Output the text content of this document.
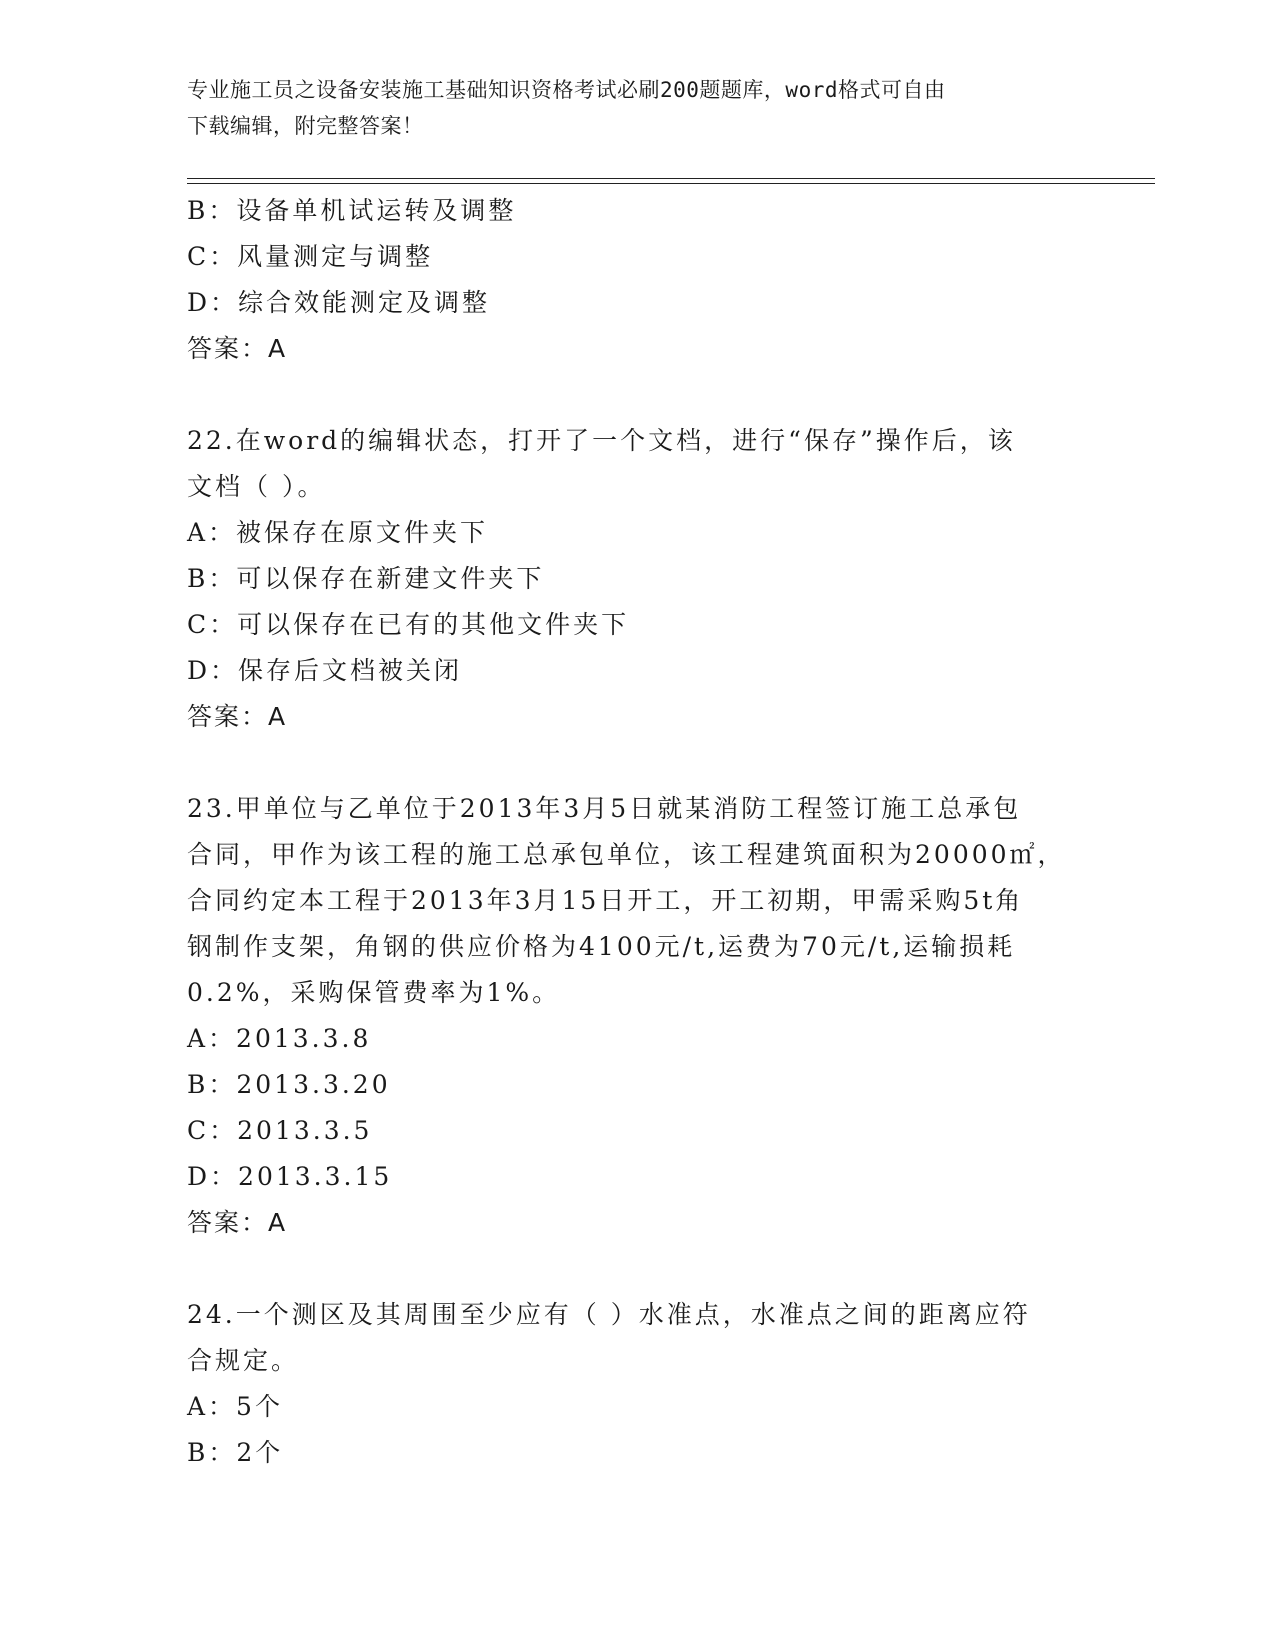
专业施工员之设备安装施工基础知识资格考试必刷200题题库，word格式可自由
下载编辑，附完整答案！
B：设备单机试运转及调整
C：风量测定与调整
D：综合效能测定及调整
答案：A
22.在word的编辑状态，打开了一个文档，进行“保存”操作后，该
文档（ ）。
A：被保存在原文件夹下
B：可以保存在新建文件夹下
C：可以保存在已有的其他文件夹下
D：保存后文档被关闭
答案：A
23.甲单位与乙单位于2013年3月5日就某消防工程签订施工总承包
合同，甲作为该工程的施工总承包单位，该工程建筑面积为20000㎡，
合同约定本工程于2013年3月15日开工，开工初期，甲需采购5t角
钢制作支架，角钢的供应价格为4100元/t,运费为70元/t,运输损耗
0.2%，采购保管费率为1%。
A：2013.3.8
B：2013.3.20
C：2013.3.5
D：2013.3.15
答案：A
24.一个测区及其周围至少应有（ ）水准点，水准点之间的距离应符
合规定。
A：5个
B：2个
